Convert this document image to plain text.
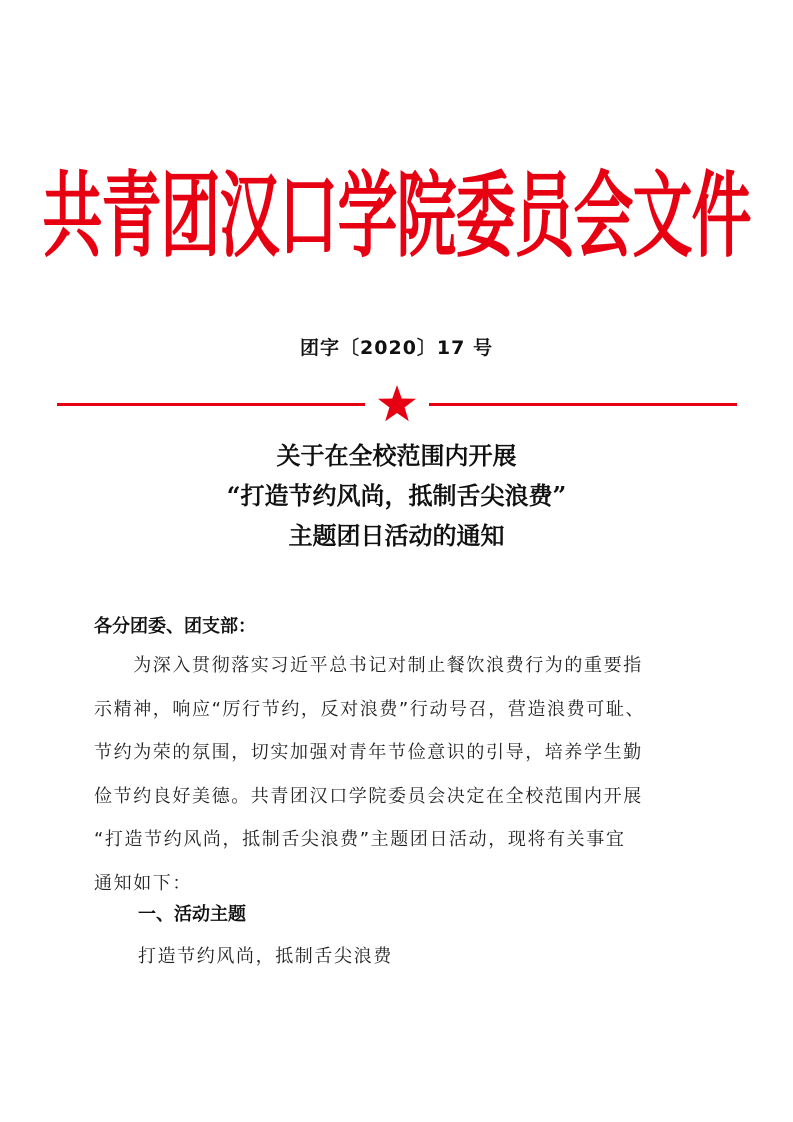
共青团汉口学院委员会文件
团字〔2020〕17 号
关于在全校范围内开展
“打造节约风尚，抵制舌尖浪费”
主题团日活动的通知
各分团委、团支部：
　　为深入贯彻落实习近平总书记对制止餐饮浪费行为的重要指
示精神，响应“厉行节约，反对浪费”行动号召，营造浪费可耻、
节约为荣的氛围，切实加强对青年节俭意识的引导，培养学生勤
俭节约良好美德。共青团汉口学院委员会决定在全校范围内开展
“打造节约风尚，抵制舌尖浪费”主题团日活动，现将有关事宜
通知如下：
一、活动主题
打造节约风尚，抵制舌尖浪费
